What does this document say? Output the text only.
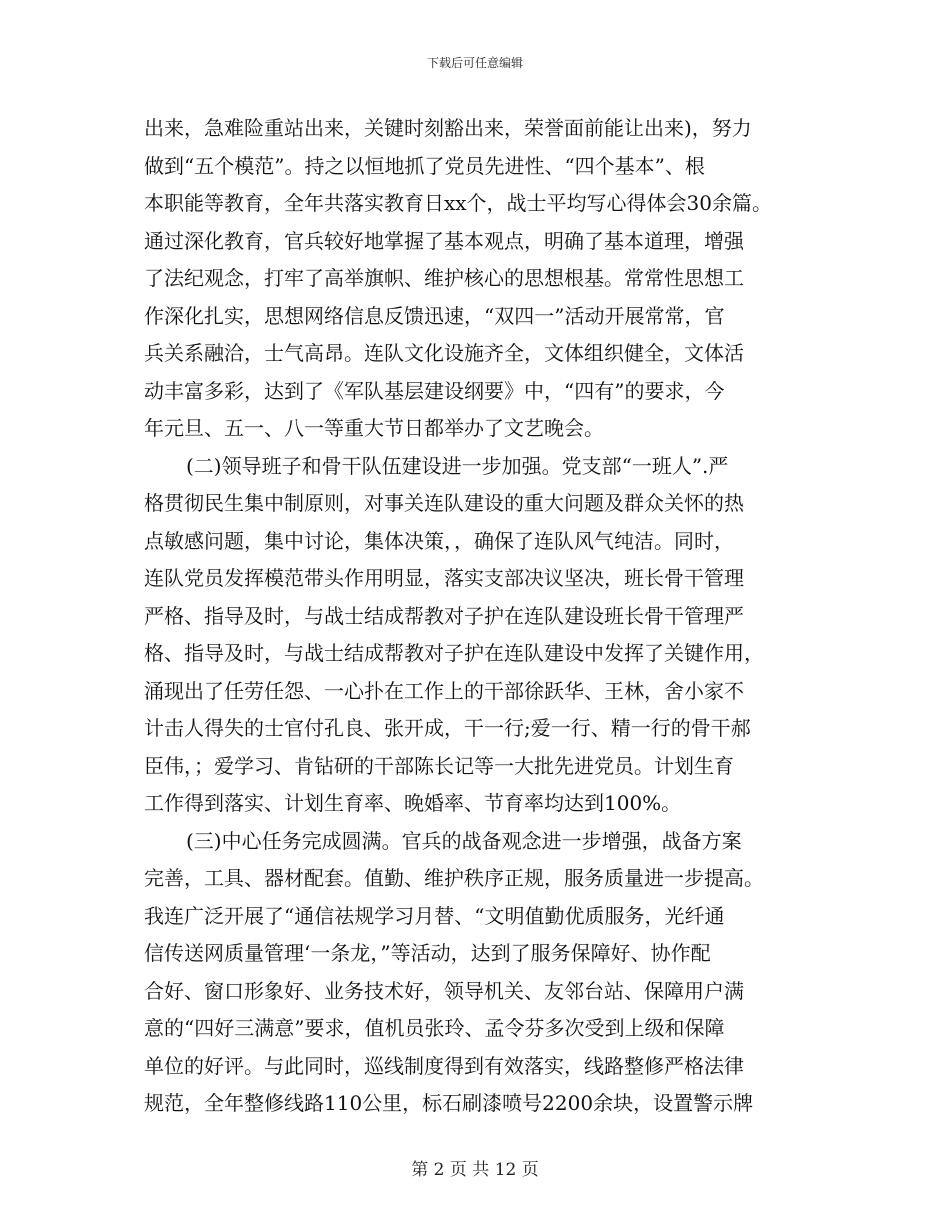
下载后可任意编辑
出来，急难险重站出来，关键时刻豁出来，荣誉面前能让出来)，努力
做到“五个模范”。持之以恒地抓了党员先进性、“四个基本”、根
本职能等教育，全年共落实教育日xx个，战士平均写心得体会30余篇。
通过深化教育，官兵较好地掌握了基本观点，明确了基本道理，增强
了法纪观念，打牢了高举旗帜、维护核心的思想根基。常常性思想工
作深化扎实，思想网络信息反馈迅速，“双四一”活动开展常常，官
兵关系融洽，士气高昂。连队文化设施齐全，文体组织健全，文体活
动丰富多彩，达到了《军队基层建设纲要》中，“四有”的要求，今
年元旦、五一、八一等重大节日都举办了文艺晚会。
(二)领导班子和骨干队伍建设进一步加强。党支部“一班人”.严
格贯彻民生集中制原则，对事关连队建设的重大问题及群众关怀的热
点敏感问题，集中讨论，集体决策，，确保了连队风气纯洁。同时，
连队党员发挥模范带头作用明显，落实支部决议坚决，班长骨干管理
严格、指导及时，与战士结成帮教对子护在连队建设班长骨干管理严
格、指导及时，与战士结成帮教对子护在连队建设中发挥了关键作用，
涌现出了任劳任怨、一心扑在工作上的干部徐跃华、王林，舍小家不
计击人得失的士官付孔良、张开成，干一行;爱一行、精一行的骨干郝
臣伟，；爱学习、肯钻研的干部陈长记等一大批先进党员。计划生育
工作得到落实、计划生育率、晚婚率、节育率均达到100%。
(三)中心任务完成圆满。官兵的战备观念进一步增强，战备方案
完善，工具、器材配套。值勤、维护秩序正规，服务质量进一步提高。
我连广泛开展了“通信祛规学习月替、“文明值勤优质服务，光纤通
信传送网质量管理‘一条龙，”等活动，达到了服务保障好、协作配
合好、窗口形象好、业务技术好，领导机关、友邻台站、保障用户满
意的“四好三满意”要求，值机员张玲、孟令芬多次受到上级和保障
单位的好评。与此同时，巡线制度得到有效落实，线路整修严格法律
规范，全年整修线路110公里，标石刷漆喷号2200余块，设置警示牌
第 2 页 共 12 页
